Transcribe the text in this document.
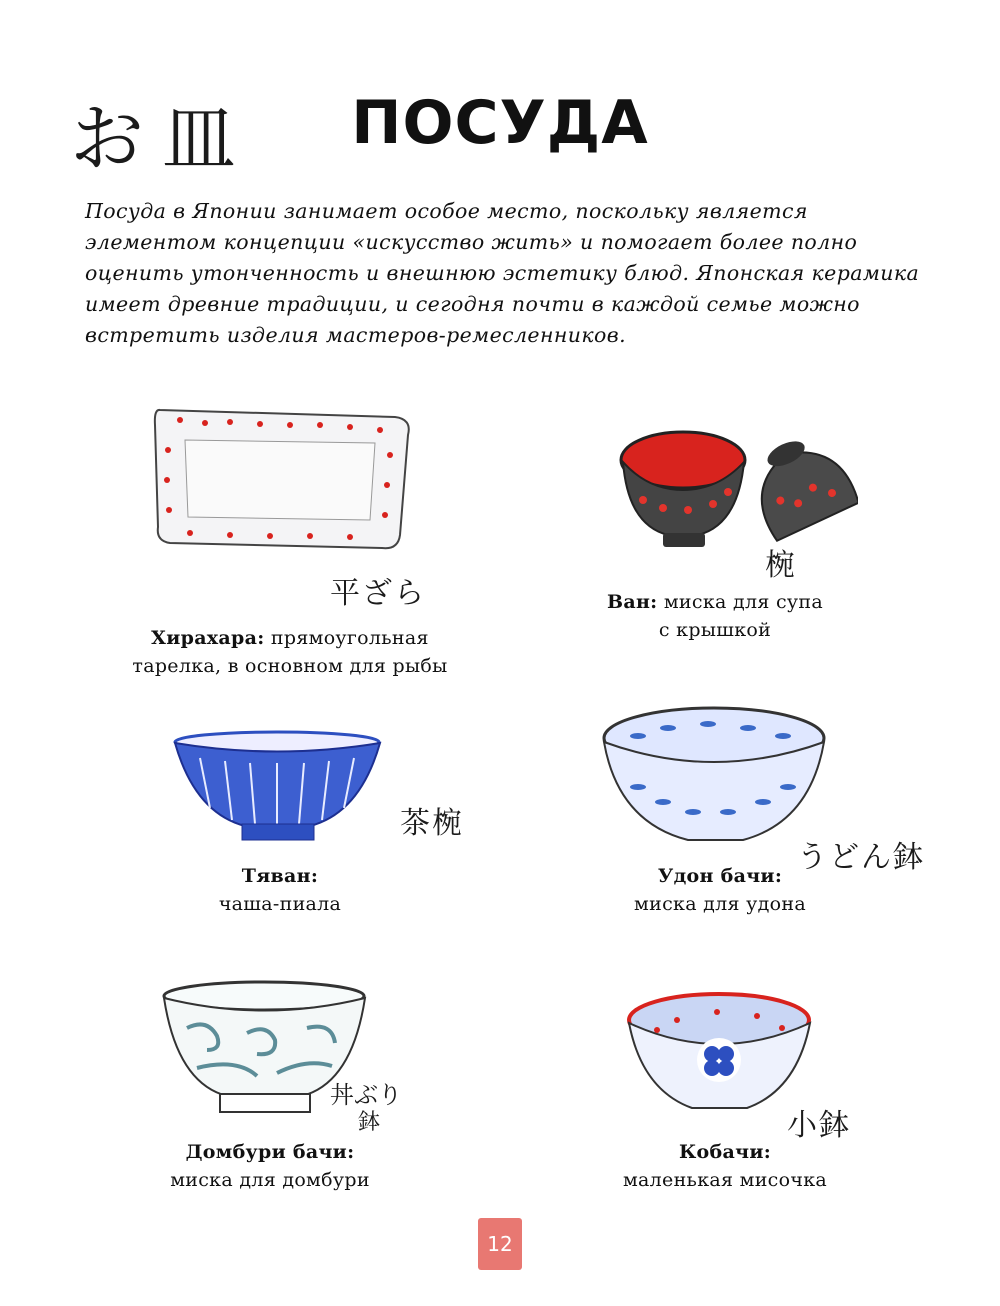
お皿	ПОСУДА
Посуда в Японии занимает особое место, поскольку является элементом концепции «искусство жить» и помогает более полно оценить утонченность и внешнюю эстетику блюд. Японская керамика имеет древние традиции, и сегодня почти в каждой семье можно встретить изделия мастеров-ремесленников.
平ざら
Хирахара: прямоугольная
тарелка, в основном для рыбы
椀
Ван: миска для супа
с крышкой
茶椀
Тяван:
чаша-пиала
うどん鉢
Удон бачи:
миска для удона
丼ぶり
鉢
Домбури бачи:
миска для домбури
小鉢
Кобачи:
маленькая мисочка
12
